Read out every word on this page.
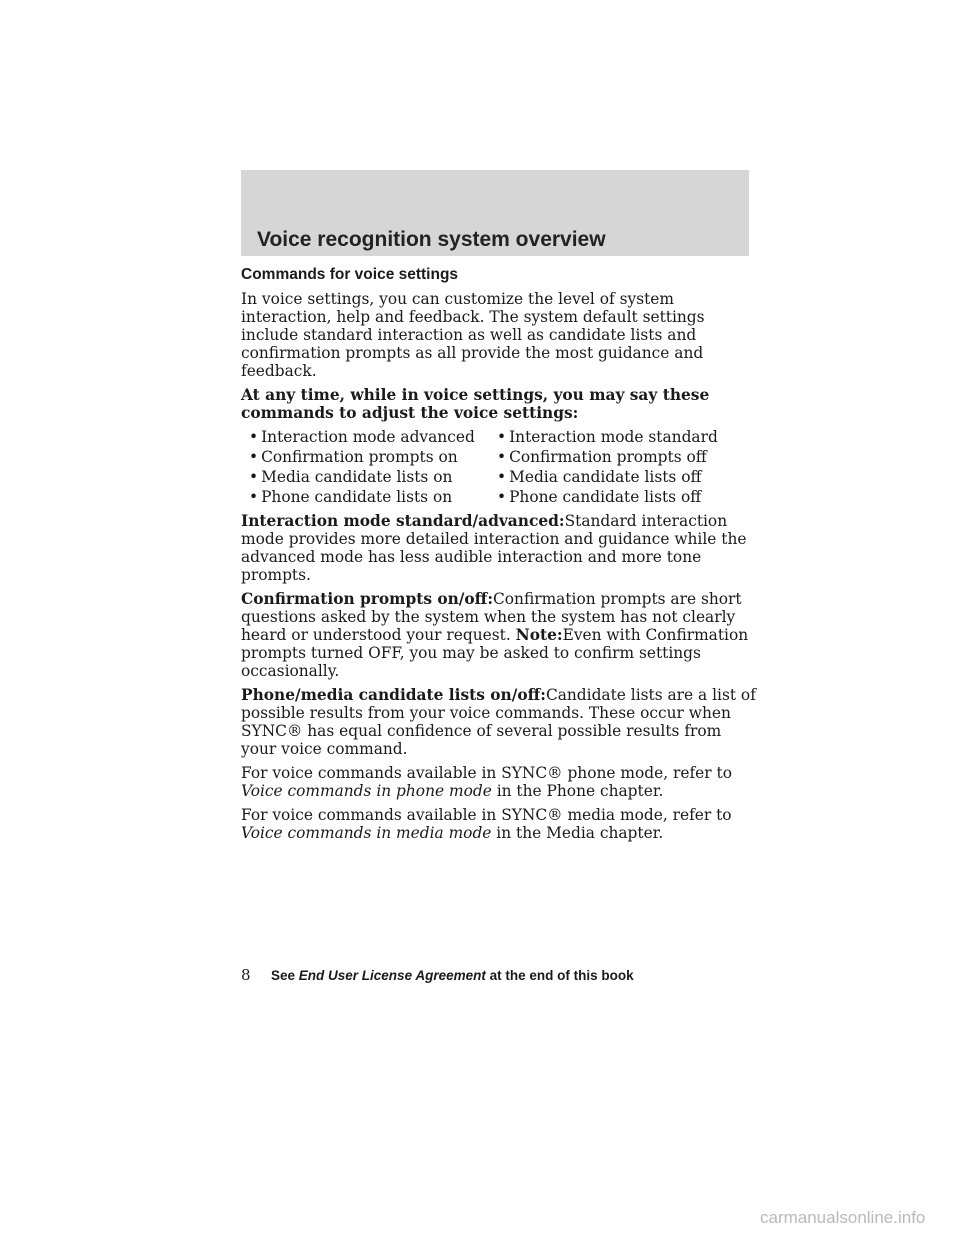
Voice recognition system overview
Commands for voice settings

In voice settings, you can customize the level of system interaction, help and feedback. The system default settings include standard interaction as well as candidate lists and confirmation prompts as all provide the most guidance and feedback.

At any time, while in voice settings, you may say these commands to adjust the voice settings:

• Interaction mode advanced	• Interaction mode standard
• Confirmation prompts on	• Confirmation prompts off
• Media candidate lists on	• Media candidate lists off
• Phone candidate lists on	• Phone candidate lists off

Interaction mode standard/advanced:Standard interaction mode provides more detailed interaction and guidance while the advanced mode has less audible interaction and more tone prompts.

Confirmation prompts on/off:Confirmation prompts are short questions asked by the system when the system has not clearly heard or understood your request. Note:Even with Confirmation prompts turned OFF, you may be asked to confirm settings occasionally.

Phone/media candidate lists on/off:Candidate lists are a list of possible results from your voice commands. These occur when SYNC® has equal confidence of several possible results from your voice command.

For voice commands available in SYNC® phone mode, refer to Voice commands in phone mode in the Phone chapter.

For voice commands available in SYNC® media mode, refer to Voice commands in media mode in the Media chapter.

8 See End User License Agreement at the end of this book
carmanualsonline.info
